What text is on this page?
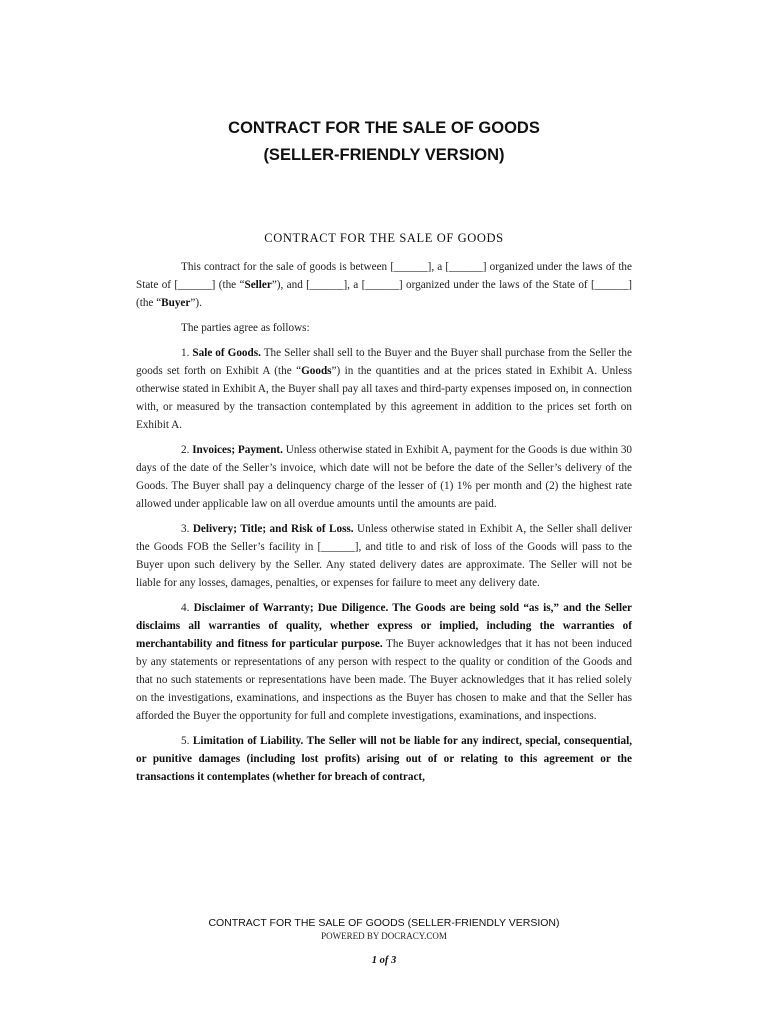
CONTRACT FOR THE SALE OF GOODS
(SELLER-FRIENDLY VERSION)
CONTRACT FOR THE SALE OF GOODS

This contract for the sale of goods is between [______], a [______] organized under the laws of the State of [______] (the “Seller”), and [______], a [______] organized under the laws of the State of [______] (the “Buyer”).

The parties agree as follows:

1. Sale of Goods. The Seller shall sell to the Buyer and the Buyer shall purchase from the Seller the goods set forth on Exhibit A (the “Goods”) in the quantities and at the prices stated in Exhibit A. Unless otherwise stated in Exhibit A, the Buyer shall pay all taxes and third-party expenses imposed on, in connection with, or measured by the transaction contemplated by this agreement in addition to the prices set forth on Exhibit A.

2. Invoices; Payment. Unless otherwise stated in Exhibit A, payment for the Goods is due within 30 days of the date of the Seller’s invoice, which date will not be before the date of the Seller’s delivery of the Goods. The Buyer shall pay a delinquency charge of the lesser of (1) 1% per month and (2) the highest rate allowed under applicable law on all overdue amounts until the amounts are paid.

3. Delivery; Title; and Risk of Loss. Unless otherwise stated in Exhibit A, the Seller shall deliver the Goods FOB the Seller’s facility in [______], and title to and risk of loss of the Goods will pass to the Buyer upon such delivery by the Seller. Any stated delivery dates are approximate. The Seller will not be liable for any losses, damages, penalties, or expenses for failure to meet any delivery date.

4. Disclaimer of Warranty; Due Diligence. The Goods are being sold “as is,” and the Seller disclaims all warranties of quality, whether express or implied, including the warranties of merchantability and fitness for particular purpose. The Buyer acknowledges that it has not been induced by any statements or representations of any person with respect to the quality or condition of the Goods and that no such statements or representations have been made. The Buyer acknowledges that it has relied solely on the investigations, examinations, and inspections as the Buyer has chosen to make and that the Seller has afforded the Buyer the opportunity for full and complete investigations, examinations, and inspections.

5. Limitation of Liability. The Seller will not be liable for any indirect, special, consequential, or punitive damages (including lost profits) arising out of or relating to this agreement or the transactions it contemplates (whether for breach of contract,

CONTRACT FOR THE SALE OF GOODS (SELLER-FRIENDLY VERSION)
POWERED BY DOCRACY.COM
1 of 3
